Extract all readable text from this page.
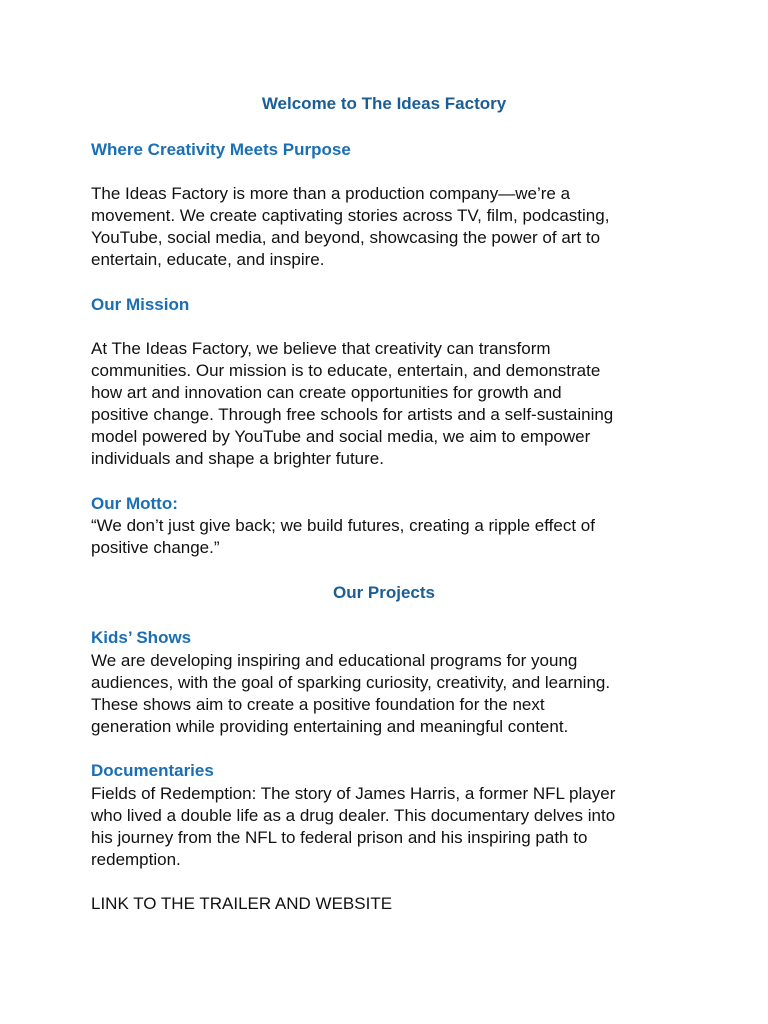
Welcome to The Ideas Factory
Where Creativity Meets Purpose
The Ideas Factory is more than a production company—we’re a
movement. We create captivating stories across TV, film, podcasting,
YouTube, social media, and beyond, showcasing the power of art to
entertain, educate, and inspire.
Our Mission
At The Ideas Factory, we believe that creativity can transform
communities. Our mission is to educate, entertain, and demonstrate
how art and innovation can create opportunities for growth and
positive change. Through free schools for artists and a self-sustaining
model powered by YouTube and social media, we aim to empower
individuals and shape a brighter future.
Our Motto:
“We don’t just give back; we build futures, creating a ripple effect of
positive change.”
Our Projects
Kids’ Shows
We are developing inspiring and educational programs for young
audiences, with the goal of sparking curiosity, creativity, and learning.
These shows aim to create a positive foundation for the next
generation while providing entertaining and meaningful content.
Documentaries
Fields of Redemption: The story of James Harris, a former NFL player
who lived a double life as a drug dealer. This documentary delves into
his journey from the NFL to federal prison and his inspiring path to
redemption.
LINK TO THE TRAILER AND WEBSITE
